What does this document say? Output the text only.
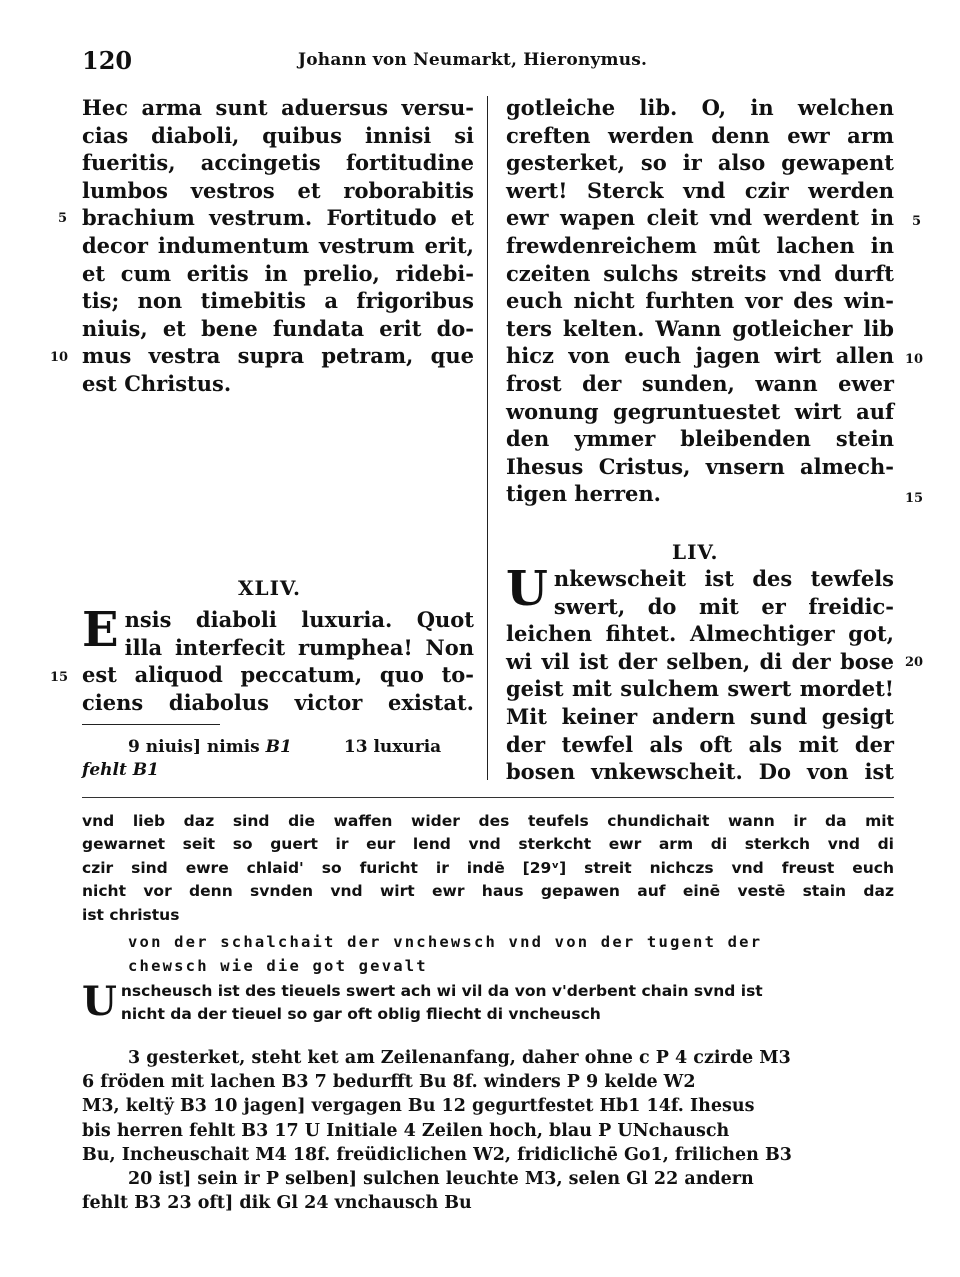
120	Johann von Neumarkt, Hieronymus.
Hec arma sunt aduersus versu-
cias diaboli, quibus innisi si
fueritis, accingetis fortitudine
lumbos vestros et roborabitis
brachium vestrum. Fortitudo et
decor indumentum vestrum erit,
et cum eritis in prelio, ridebi-
tis; non timebitis a frigoribus
niuis, et bene fundata erit do-
mus vestra supra petram, que
est Christus.
gotleiche lib. O, in welchen
creften werden denn ewr arm
gesterket, so ir also gewapent
wert! Sterck vnd czir werden
ewr wapen cleit vnd werdent in
frewdenreichem mût lachen in
czeiten sulchs streits vnd durft
euch nicht furhten vor des win-
ters kelten. Wann gotleicher lib
hicz von euch jagen wirt allen
frost der sunden, wann ewer
wonung gegruntuestet wirt auf
den ymmer bleibenden stein
Ihesus Cristus, vnsern almech-
tigen herren.
5
10
15
5
10
15
20
XLIV.
E nsis diaboli luxuria. Quot
illa interfecit rumphea! Non
est aliquod peccatum, quo to-
ciens diabolus victor existat.
9 niuis] nimis B1	13 luxuria
fehlt B1
LIV.
U nkewscheit ist des tewfels
swert, do mit er freidic-
leichen fihtet. Almechtiger got,
wi vil ist der selben, di der bose
geist mit sulchem swert mordet!
Mit keiner andern sund gesigt
der tewfel als oft als mit der
bosen vnkewscheit. Do von ist
vnd lieb daz sind die waffen wider des teufels chundichait wann ir da mit
gewarnet seit so guert ir eur lend vnd sterkcht ewr arm di sterkch vnd di
czir sind ewre chlaid' so furicht ir indē [29ᵛ] streit nichczs vnd freust euch
nicht vor denn svnden vnd wirt ewr haus gepawen auf einē vestē stain daz
ist christus
von der schalchait der vnchewsch vnd von der tugent der
chewsch wie die got gevalt
U nscheusch ist des tieuels swert ach wi vil da von v'derbent chain svnd ist
nicht da der tieuel so gar oft oblig fliecht di vncheusch
3 gesterket, steht ket am Zeilenanfang, daher ohne c P 4 czirde M3
6 fröden mit lachen B3 7 bedurfft Bu 8f. winders P 9 kelde W2
M3, keltÿ B3 10 jagen] vergagen Bu 12 gegurtfestet Hb1 14f. Ihesus
bis herren fehlt B3 17 U Initiale 4 Zeilen hoch, blau P UNchausch
Bu, Incheuschait M4 18f. freüdiclichen W2, fridiclichē Go1, frilichen B3
20 ist] sein ir P selben] sulchen leuchte M3, selen Gl 22 andern
fehlt B3 23 oft] dik Gl 24 vnchausch Bu
